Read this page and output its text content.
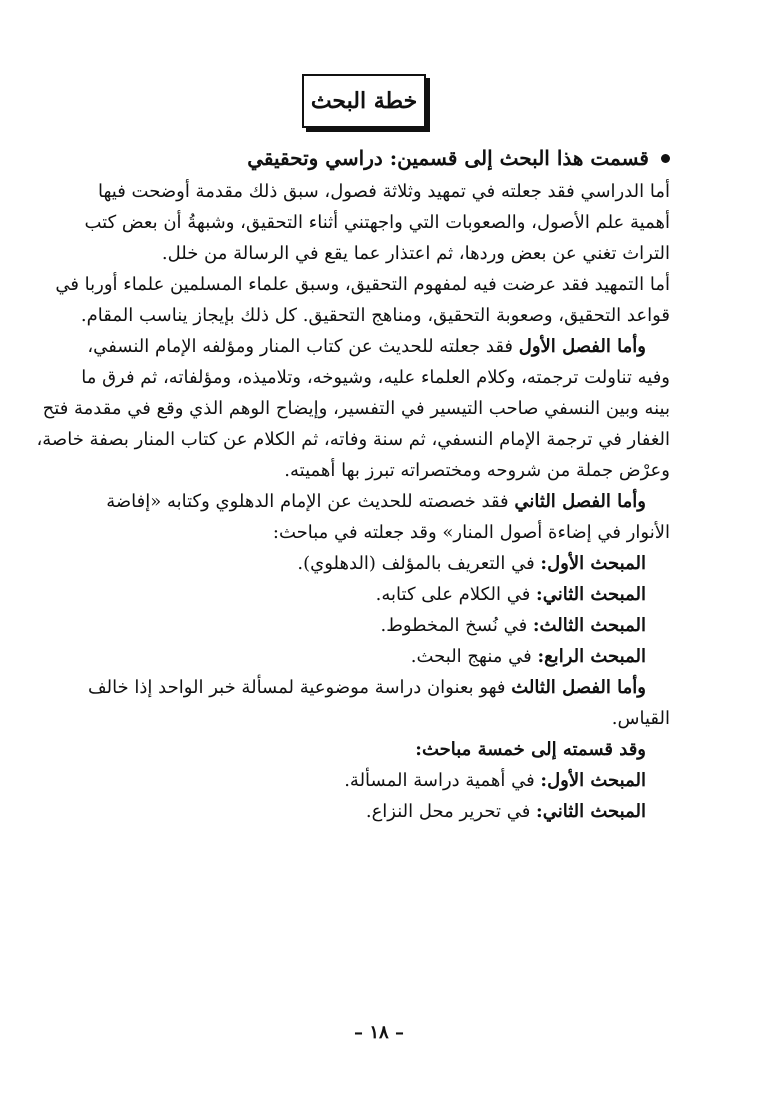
خطة البحث
قسمت هذا البحث إلى قسمين: دراسي وتحقيقي
أما الدراسي فقد جعلته في تمهيد وثلاثة فصول، سبق ذلك مقدمة أوضحت فيها
أهمية علم الأصول، والصعوبات التي واجهتني أثناء التحقيق، وشبهةُ أن بعض كتب
التراث تغني عن بعض وردها، ثم اعتذار عما يقع في الرسالة من خلل.
أما التمهيد فقد عرضت فيه لمفهوم التحقيق، وسبق علماء المسلمين علماء أوربا في
قواعد التحقيق، وصعوبة التحقيق، ومناهج التحقيق. كل ذلك بإيجاز يناسب المقام.
وأما الفصل الأول فقد جعلته للحديث عن كتاب المنار ومؤلفه الإمام النسفي،
وفيه تناولت ترجمته، وكلام العلماء عليه، وشيوخه، وتلاميذه، ومؤلفاته، ثم فرق ما
بينه وبين النسفي صاحب التيسير في التفسير، وإيضاح الوهم الذي وقع في مقدمة فتح
الغفار في ترجمة الإمام النسفي، ثم سنة وفاته، ثم الكلام عن كتاب المنار بصفة خاصة،
وعرْض جملة من شروحه ومختصراته تبرز بها أهميته.
وأما الفصل الثاني فقد خصصته للحديث عن الإمام الدهلوي وكتابه «إفاضة
الأنوار في إضاءة أصول المنار» وقد جعلته في مباحث:
المبحث الأول: في التعريف بالمؤلف (الدهلوي).
المبحث الثاني: في الكلام على كتابه.
المبحث الثالث: في نُسخ المخطوط.
المبحث الرابع: في منهج البحث.
وأما الفصل الثالث فهو بعنوان دراسة موضوعية لمسألة خبر الواحد إذا خالف
القياس.
وقد قسمته إلى خمسة مباحث:
المبحث الأول: في أهمية دراسة المسألة.
المبحث الثاني: في تحرير محل النزاع.
– ١٨ –
